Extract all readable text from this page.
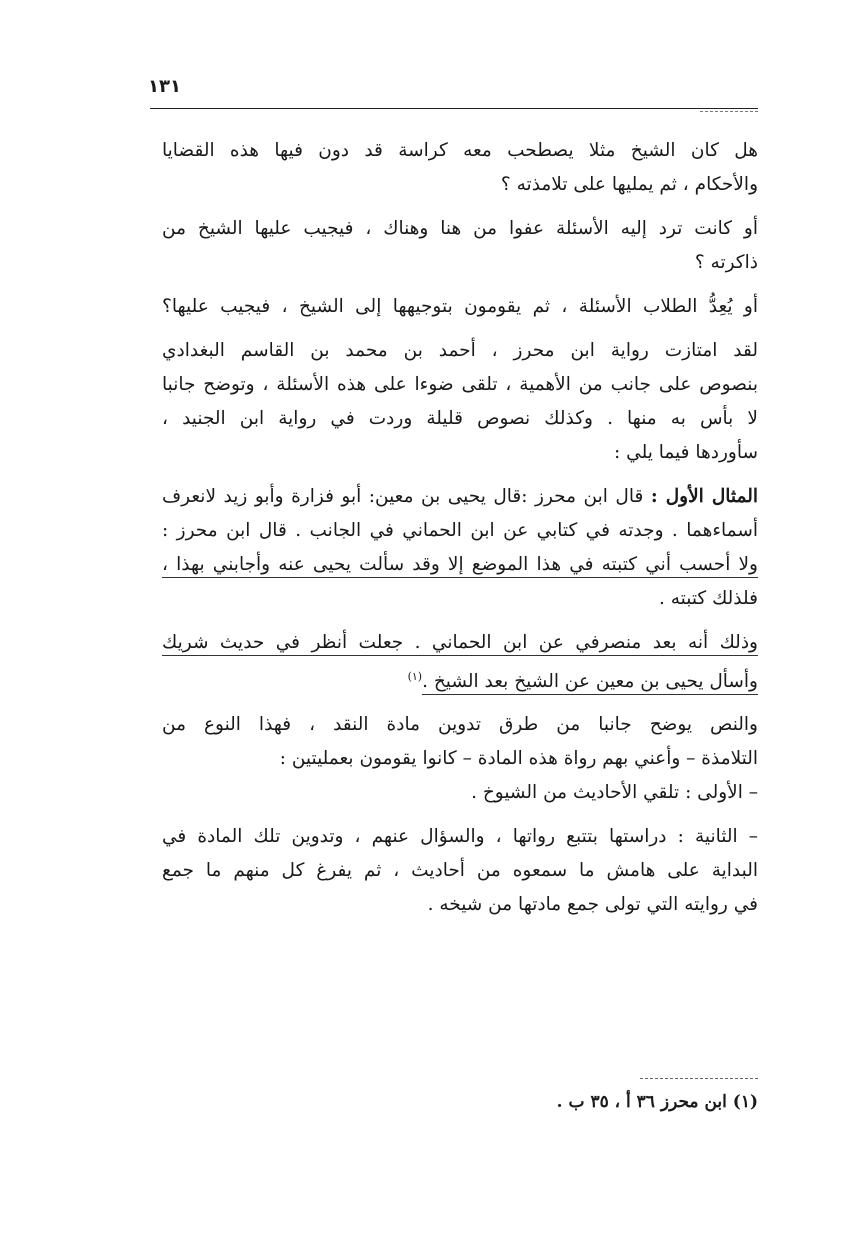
١٣١
هل كان الشيخ مثلا يصطحب معه كراسة قد دون فيها هذه القضايا
والأحكام ، ثم يمليها على تلامذته ؟
أو كانت ترد إليه الأسئلة عفوا من هنا وهناك ، فيجيب عليها الشيخ من
ذاكرته ؟
أو يُعِدُّ الطلاب الأسئلة ، ثم يقومون بتوجيهها إلى الشيخ ، فيجيب عليها؟
لقد امتازت رواية ابن محرز ، أحمد بن محمد بن القاسم البغدادي
بنصوص على جانب من الأهمية ، تلقى ضوءا على هذه الأسئلة ، وتوضح جانبا
لا بأس به منها . وكذلك نصوص قليلة وردت في رواية ابن الجنيد ،
سأوردها فيما يلي :
المثال الأول : قال ابن محرز :قال يحيى بن معين: أبو فزارة وأبو زيد لانعرف
أسماءهما . وجدته في كتابي عن ابن الحماني في الجانب . قال ابن محرز :
ولا أحسب أني كتبته في هذا الموضع إلا وقد سألت يحيى عنه وأجابني بهذا ،
فلذلك كتبته .
وذلك أنه بعد منصرفي عن ابن الحماني . جعلت أنظر في حديث شريك
وأسأل يحيى بن معين عن الشيخ بعد الشيخ .$^{(١)}$
والنص يوضح جانبا من طرق تدوين مادة النقد ، فهذا النوع من
التلامذة – وأعني بهم رواة هذه المادة – كانوا يقومون بعمليتين :
– الأولى : تلقي الأحاديث من الشيوخ .
– الثانية : دراستها بتتبع رواتها ، والسؤال عنهم ، وتدوين تلك المادة في
البداية على هامش ما سمعوه من أحاديث ، ثم يفرغ كل منهم ما جمع
في روايته التي تولى جمع مادتها من شيخه .
(١) ابن محرز ٣٦ أ ، ٣٥ ب .
